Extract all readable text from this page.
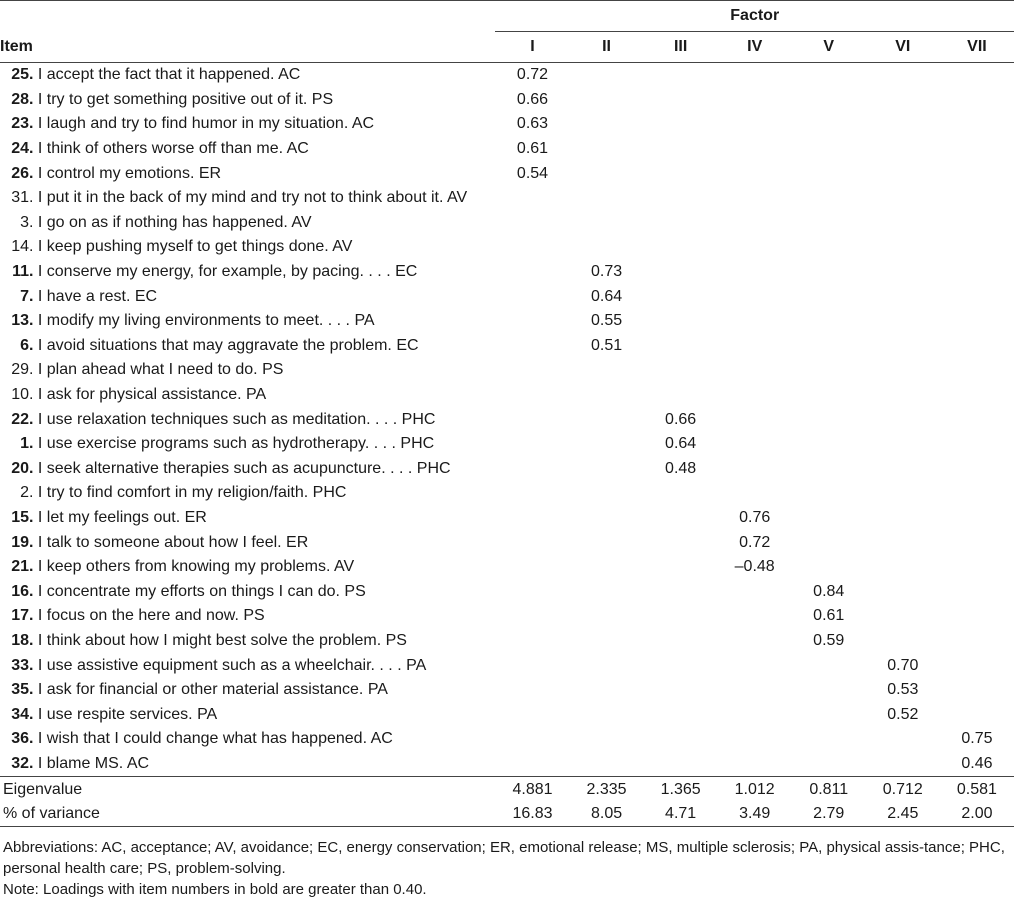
	Factor						
Item	I	II	III	IV	V	VI	VII
25. I accept the fact that it happened. AC	0.72						
28. I try to get something positive out of it. PS	0.66						
23. I laugh and try to find humor in my situation. AC	0.63						
24. I think of others worse off than me. AC	0.61						
26. I control my emotions. ER	0.54						
31. I put it in the back of my mind and try not to think about it. AV							
3. I go on as if nothing has happened. AV							
14. I keep pushing myself to get things done. AV							
11. I conserve my energy, for example, by pacing. . . . EC		0.73					
7. I have a rest. EC		0.64					
13. I modify my living environments to meet. . . . PA		0.55					
6. I avoid situations that may aggravate the problem. EC		0.51					
29. I plan ahead what I need to do. PS							
10. I ask for physical assistance. PA							
22. I use relaxation techniques such as meditation. . . . PHC			0.66				
1. I use exercise programs such as hydrotherapy. . . . PHC			0.64				
20. I seek alternative therapies such as acupuncture. . . . PHC			0.48				
2. I try to find comfort in my religion/faith. PHC							
15. I let my feelings out. ER				0.76			
19. I talk to someone about how I feel. ER				0.72			
21. I keep others from knowing my problems. AV				–0.48			
16. I concentrate my efforts on things I can do. PS					0.84		
17. I focus on the here and now. PS					0.61		
18. I think about how I might best solve the problem. PS					0.59		
33. I use assistive equipment such as a wheelchair. . . . PA						0.70	
35. I ask for financial or other material assistance. PA						0.53	
34. I use respite services. PA						0.52	
36. I wish that I could change what has happened. AC							0.75
32. I blame MS. AC							0.46
Eigenvalue	4.881	2.335	1.365	1.012	0.811	0.712	0.581
% of variance	16.83	8.05	4.71	3.49	2.79	2.45	2.00

Abbreviations: AC, acceptance; AV, avoidance; EC, energy conservation; ER, emotional release; MS, multiple sclerosis; PA, physical assis-tance; PHC, personal health care; PS, problem-solving.

Note: Loadings with item numbers in bold are greater than 0.40.
